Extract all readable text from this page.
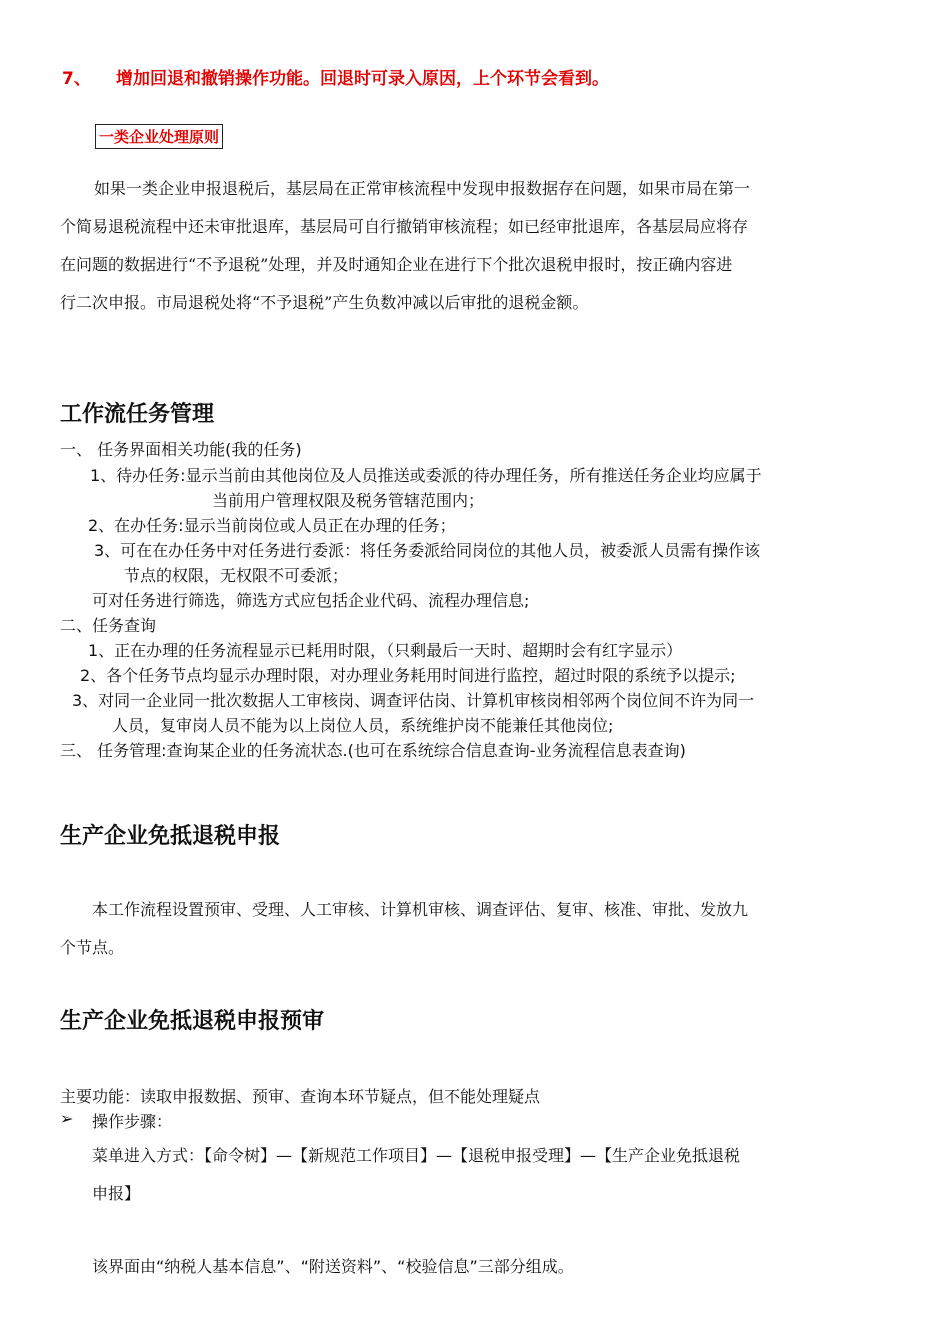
7、 增加回退和撤销操作功能。回退时可录入原因，上个环节会看到。
一类企业处理原则
如果一类企业申报退税后，基层局在正常审核流程中发现申报数据存在问题，如果市局在第一
个简易退税流程中还未审批退库，基层局可自行撤销审核流程；如已经审批退库，各基层局应将存
在问题的数据进行“不予退税”处理，并及时通知企业在进行下个批次退税申报时，按正确内容进
行二次申报。市局退税处将“不予退税”产生负数冲减以后审批的退税金额。
工作流任务管理
一、 任务界面相关功能(我的任务)
1、待办任务:显示当前由其他岗位及人员推送或委派的待办理任务，所有推送任务企业均应属于
当前用户管理权限及税务管辖范围内；
2、在办任务:显示当前岗位或人员正在办理的任务；
3、可在在办任务中对任务进行委派：将任务委派给同岗位的其他人员，被委派人员需有操作该
节点的权限，无权限不可委派；
可对任务进行筛选，筛选方式应包括企业代码、流程办理信息;
二、任务查询
1、正在办理的任务流程显示已耗用时限，（只剩最后一天时、超期时会有红字显示）
2、各个任务节点均显示办理时限，对办理业务耗用时间进行监控，超过时限的系统予以提示;
3、对同一企业同一批次数据人工审核岗、调查评估岗、计算机审核岗相邻两个岗位间不许为同一
人员，复审岗人员不能为以上岗位人员，系统维护岗不能兼任其他岗位;
三、 任务管理:查询某企业的任务流状态.(也可在系统综合信息查询-业务流程信息表查询)
生产企业免抵退税申报
本工作流程设置预审、受理、人工审核、计算机审核、调查评估、复审、核准、审批、发放九
个节点。
生产企业免抵退税申报预审
主要功能：读取申报数据、预审、查询本环节疑点，但不能处理疑点
➢ 操作步骤：
菜单进入方式：【命令树】—【新规范工作项目】—【退税申报受理】—【生产企业免抵退税
申报】
该界面由“纳税人基本信息”、“附送资料”、“校验信息”三部分组成。
